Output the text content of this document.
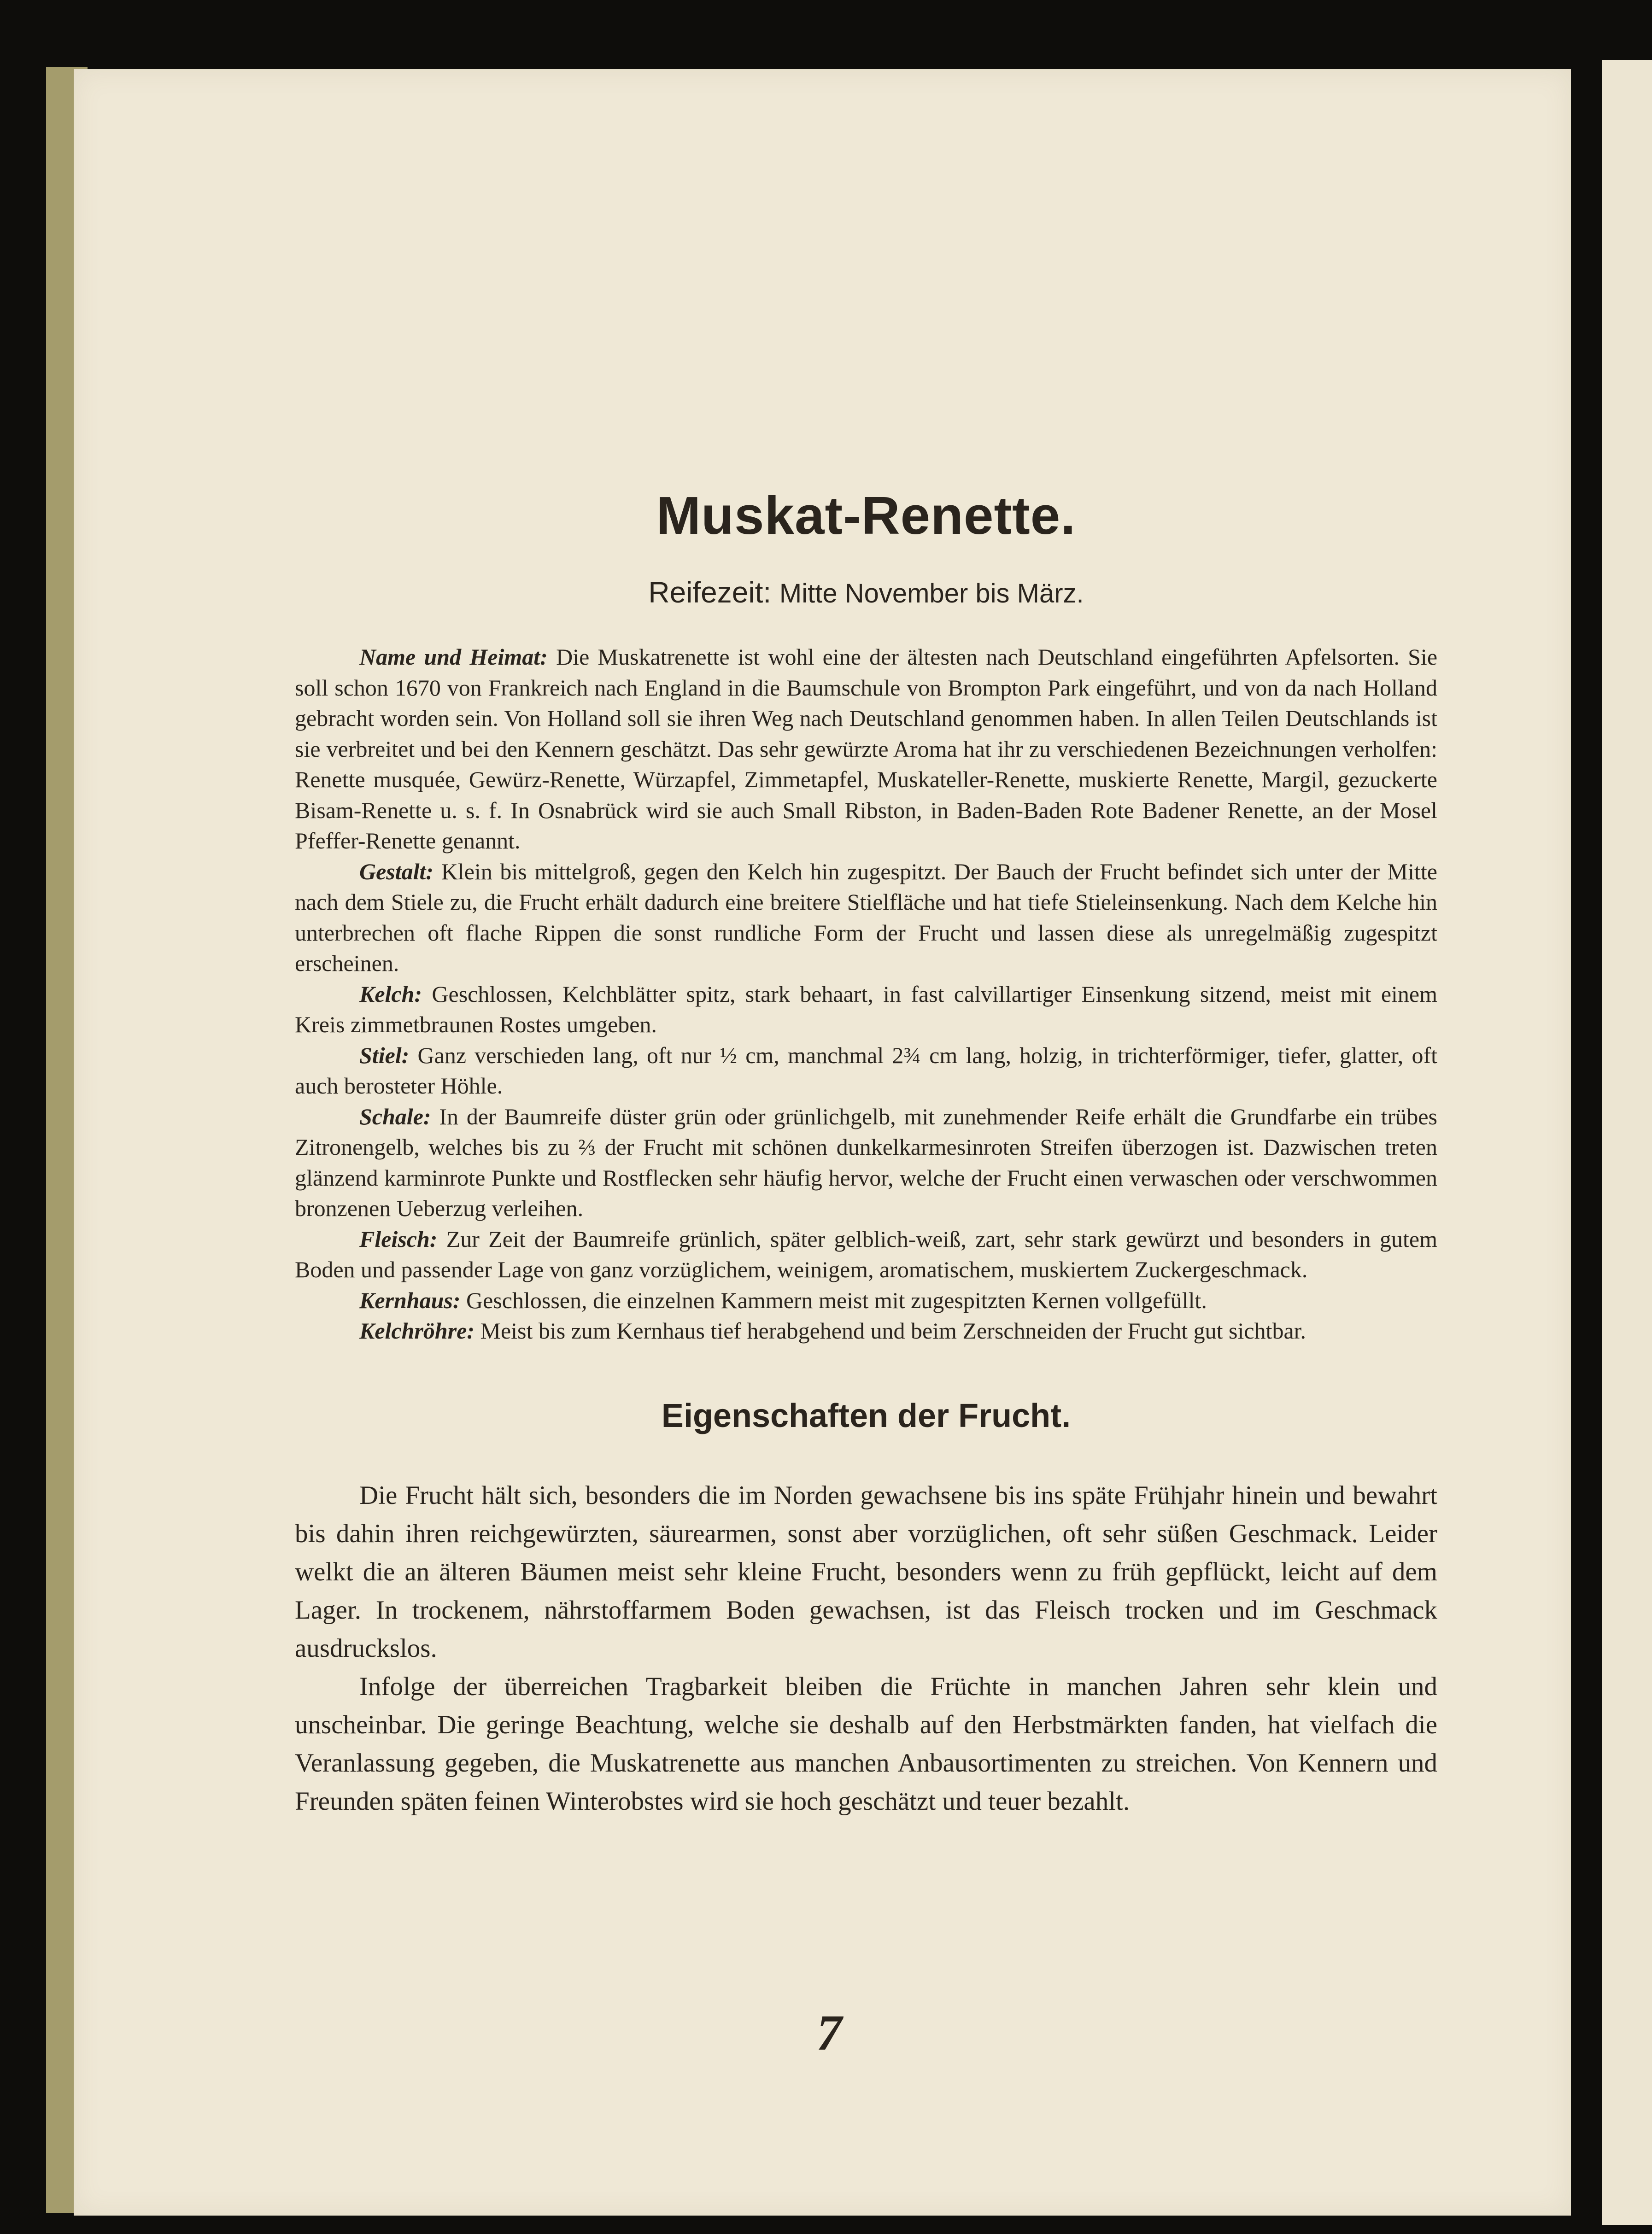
Muskat-Renette.
Reifezeit: Mitte November bis März.

Name und Heimat: Die Muskatrenette ist wohl eine der ältesten nach Deutschland eingeführten Apfelsorten. Sie soll schon 1670 von Frankreich nach England in die Baumschule von Brompton Park eingeführt, und von da nach Holland gebracht worden sein. Von Holland soll sie ihren Weg nach Deutschland genommen haben. In allen Teilen Deutschlands ist sie verbreitet und bei den Kennern geschätzt. Das sehr gewürzte Aroma hat ihr zu verschiedenen Bezeichnungen verholfen: Renette musquée, Gewürz-Renette, Würzapfel, Zimmetapfel, Muskateller-Renette, muskierte Renette, Margil, gezuckerte Bisam-Renette u. s. f. In Osnabrück wird sie auch Small Ribston, in Baden-Baden Rote Badener Renette, an der Mosel Pfeffer-Renette genannt.
Gestalt: Klein bis mittelgroß, gegen den Kelch hin zugespitzt. Der Bauch der Frucht befindet sich unter der Mitte nach dem Stiele zu, die Frucht erhält dadurch eine breitere Stielfläche und hat tiefe Stieleinsenkung. Nach dem Kelche hin unterbrechen oft flache Rippen die sonst rundliche Form der Frucht und lassen diese als unregelmäßig zugespitzt erscheinen.
Kelch: Geschlossen, Kelchblätter spitz, stark behaart, in fast calvillartiger Einsenkung sitzend, meist mit einem Kreis zimmetbraunen Rostes umgeben.
Stiel: Ganz verschieden lang, oft nur ½ cm, manchmal 2¾ cm lang, holzig, in trichterförmiger, tiefer, glatter, oft auch berosteter Höhle.
Schale: In der Baumreife düster grün oder grünlichgelb, mit zunehmender Reife erhält die Grundfarbe ein trübes Zitronengelb, welches bis zu ⅔ der Frucht mit schönen dunkelkarmesinroten Streifen überzogen ist. Dazwischen treten glänzend karminrote Punkte und Rostflecken sehr häufig hervor, welche der Frucht einen verwaschen oder verschwommen bronzenen Ueberzug verleihen.
Fleisch: Zur Zeit der Baumreife grünlich, später gelblich-weiß, zart, sehr stark gewürzt und besonders in gutem Boden und passender Lage von ganz vorzüglichem, weinigem, aromatischem, muskiertem Zuckergeschmack.
Kernhaus: Geschlossen, die einzelnen Kammern meist mit zugespitzten Kernen vollgefüllt.
Kelchröhre: Meist bis zum Kernhaus tief herabgehend und beim Zerschneiden der Frucht gut sichtbar.

Eigenschaften der Frucht.

Die Frucht hält sich, besonders die im Norden gewachsene bis ins späte Frühjahr hinein und bewahrt bis dahin ihren reichgewürzten, säurearmen, sonst aber vorzüglichen, oft sehr süßen Geschmack. Leider welkt die an älteren Bäumen meist sehr kleine Frucht, besonders wenn zu früh gepflückt, leicht auf dem Lager. In trockenem, nährstoffarmem Boden gewachsen, ist das Fleisch trocken und im Geschmack ausdruckslos.

Infolge der überreichen Tragbarkeit bleiben die Früchte in manchen Jahren sehr klein und unscheinbar. Die geringe Beachtung, welche sie deshalb auf den Herbstmärkten fanden, hat vielfach die Veranlassung gegeben, die Muskatrenette aus manchen Anbausortimenten zu streichen. Von Kennern und Freunden späten feinen Winterobstes wird sie hoch geschätzt und teuer bezahlt.

7
